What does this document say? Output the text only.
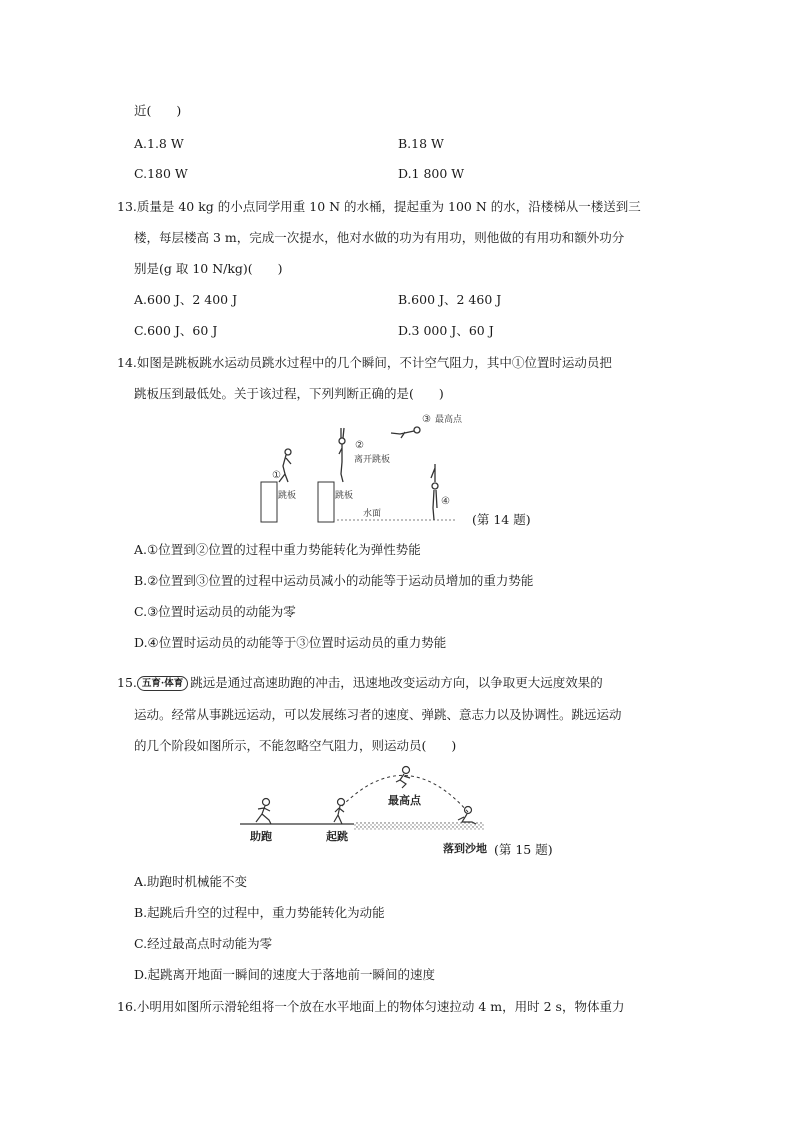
近(　　)
A.1.8 W	B.18 W
C.180 W	D.1 800 W
13.质量是 40 kg 的小点同学用重 10 N 的水桶，提起重为 100 N 的水，沿楼梯从一楼送到三
楼，每层楼高 3 m，完成一次提水，他对水做的功为有用功，则他做的有用功和额外功分
别是(g 取 10 N/kg)(　　)
A.600 J、2 400 J	B.600 J、2 460 J
C.600 J、60 J	D.3 000 J、60 J
14.如图是跳板跳水运动员跳水过程中的几个瞬间，不计空气阻力，其中①位置时运动员把
跳板压到最低处。关于该过程，下列判断正确的是(　　)
跳板	跳板
水面
①
②
离开跳板
③ 最高点
④
(第 14 题)
A.①位置到②位置的过程中重力势能转化为弹性势能
B.②位置到③位置的过程中运动员减小的动能等于运动员增加的重力势能
C.③位置时运动员的动能为零
D.④位置时运动员的动能等于③位置时运动员的重力势能
15. 五育·体育 跳远是通过高速助跑的冲击，迅速地改变运动方向，以争取更大远度效果的
运动。经常从事跳远运动，可以发展练习者的速度、弹跳、意志力以及协调性。跳远运动
的几个阶段如图所示，不能忽略空气阻力，则运动员(　　)
助跑	起跳
最高点
落到沙地 (第 15 题)
A.助跑时机械能不变
B.起跳后升空的过程中，重力势能转化为动能
C.经过最高点时动能为零
D.起跳离开地面一瞬间的速度大于落地前一瞬间的速度
16.小明用如图所示滑轮组将一个放在水平地面上的物体匀速拉动 4 m，用时 2 s，物体重力
